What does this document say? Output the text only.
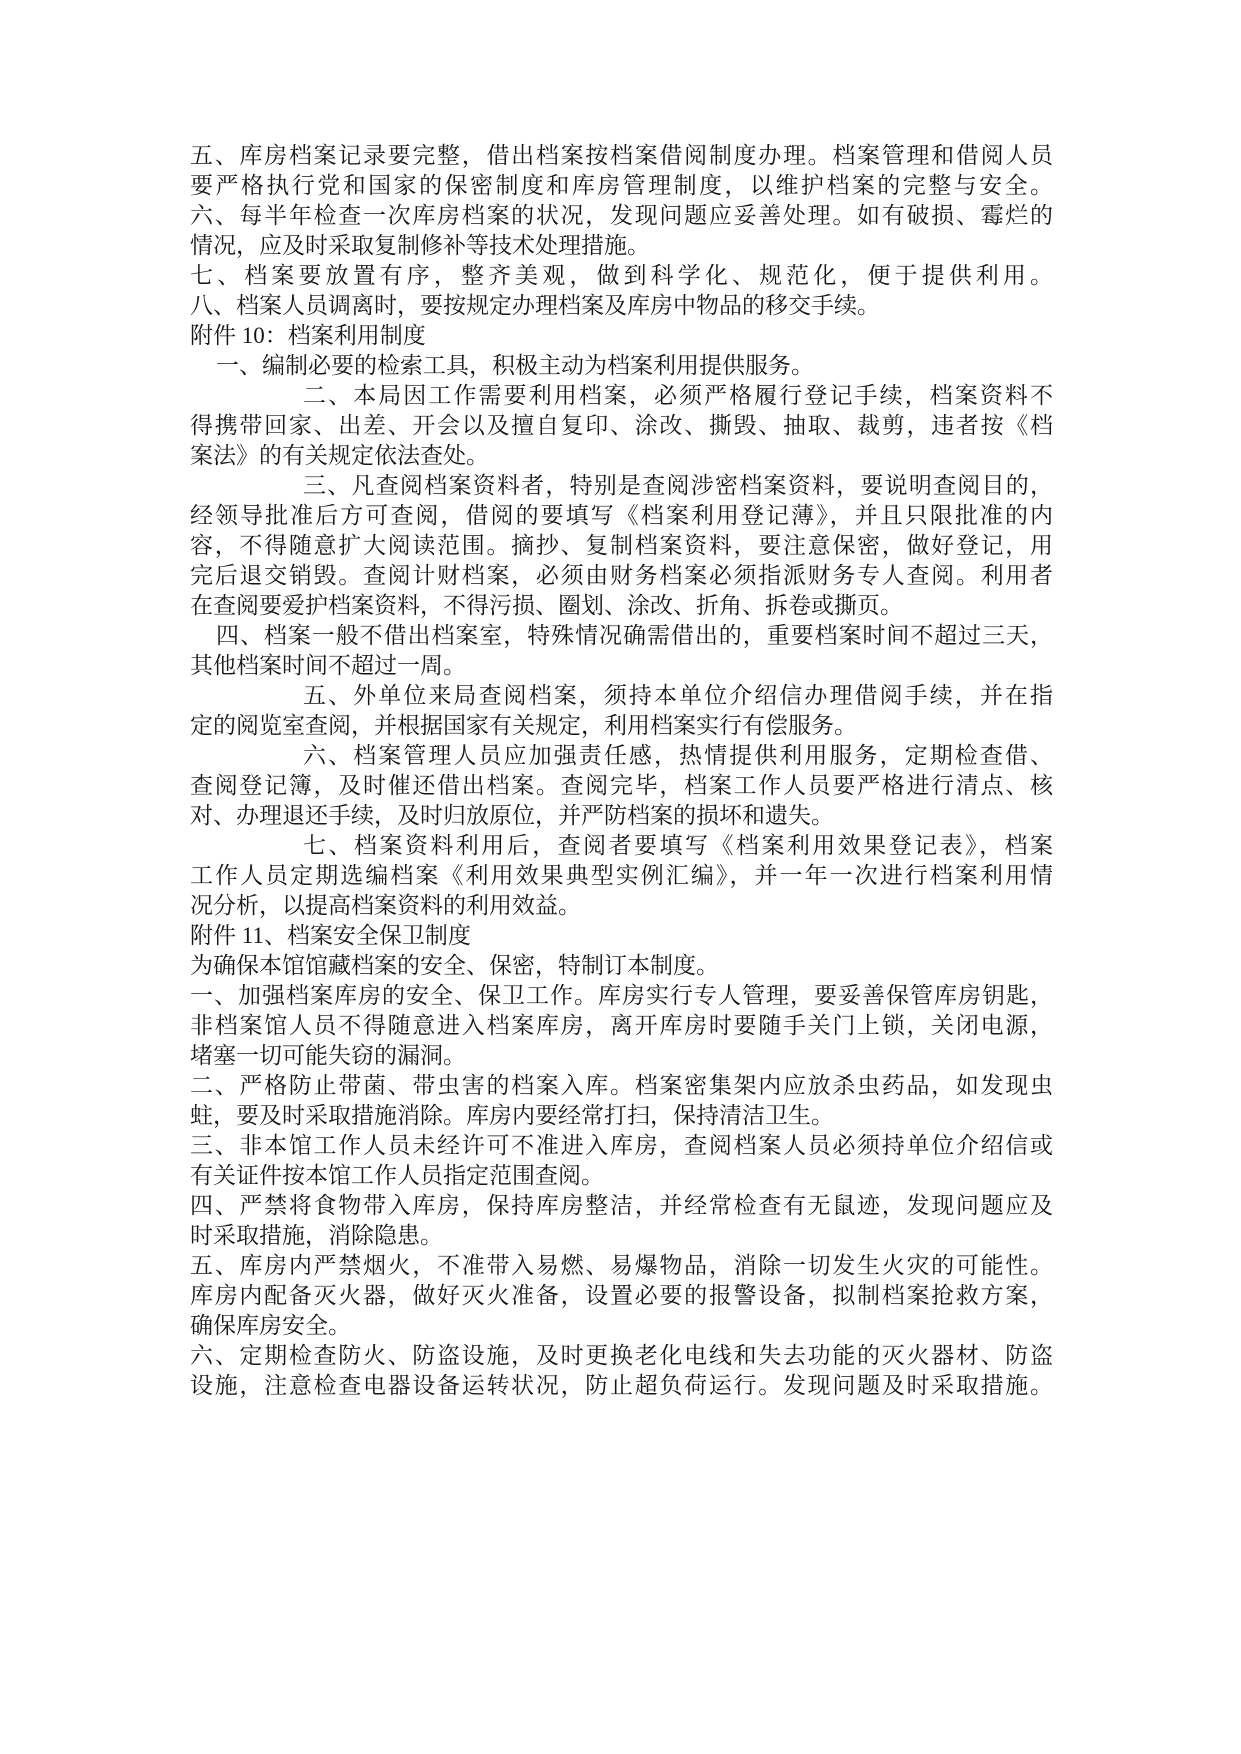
五、库房档案记录要完整，借出档案按档案借阅制度办理。档案管理和借阅人员
要严格执行党和国家的保密制度和库房管理制度，以维护档案的完整与安全。
六、每半年检查一次库房档案的状况，发现问题应妥善处理。如有破损、霉烂的
情况，应及时采取复制修补等技术处理措施。
七、档案要放置有序，整齐美观，做到科学化、规范化，便于提供利用。
八、档案人员调离时，要按规定办理档案及库房中物品的移交手续。
附件 10：档案利用制度
一、编制必要的检索工具，积极主动为档案利用提供服务。
二、本局因工作需要利用档案，必须严格履行登记手续，档案资料不
得携带回家、出差、开会以及擅自复印、涂改、撕毁、抽取、裁剪，违者按《档
案法》的有关规定依法查处。
三、凡查阅档案资料者，特别是查阅涉密档案资料，要说明查阅目的，
经领导批准后方可查阅，借阅的要填写《档案利用登记薄》，并且只限批准的内
容，不得随意扩大阅读范围。摘抄、复制档案资料，要注意保密，做好登记，用
完后退交销毁。查阅计财档案，必须由财务档案必须指派财务专人查阅。利用者
在查阅要爱护档案资料，不得污损、圈划、涂改、折角、拆卷或撕页。
四、档案一般不借出档案室，特殊情况确需借出的，重要档案时间不超过三天，
其他档案时间不超过一周。
五、外单位来局查阅档案，须持本单位介绍信办理借阅手续，并在指
定的阅览室查阅，并根据国家有关规定，利用档案实行有偿服务。
六、档案管理人员应加强责任感，热情提供利用服务，定期检查借、
查阅登记簿，及时催还借出档案。查阅完毕，档案工作人员要严格进行清点、核
对、办理退还手续，及时归放原位，并严防档案的损坏和遗失。
七、档案资料利用后，查阅者要填写《档案利用效果登记表》，档案
工作人员定期选编档案《利用效果典型实例汇编》，并一年一次进行档案利用情
况分析，以提高档案资料的利用效益。
附件 11、档案安全保卫制度
为确保本馆馆藏档案的安全、保密，特制订本制度。
一、加强档案库房的安全、保卫工作。库房实行专人管理，要妥善保管库房钥匙，
非档案馆人员不得随意进入档案库房，离开库房时要随手关门上锁，关闭电源，
堵塞一切可能失窃的漏洞。
二、严格防止带菌、带虫害的档案入库。档案密集架内应放杀虫药品，如发现虫
蛀，要及时采取措施消除。库房内要经常打扫，保持清洁卫生。
三、非本馆工作人员未经许可不准进入库房，查阅档案人员必须持单位介绍信或
有关证件按本馆工作人员指定范围查阅。
四、严禁将食物带入库房，保持库房整洁，并经常检查有无鼠迹，发现问题应及
时采取措施，消除隐患。
五、库房内严禁烟火，不准带入易燃、易爆物品，消除一切发生火灾的可能性。
库房内配备灭火器，做好灭火准备，设置必要的报警设备，拟制档案抢救方案，
确保库房安全。
六、定期检查防火、防盗设施，及时更换老化电线和失去功能的灭火器材、防盗
设施，注意检查电器设备运转状况，防止超负荷运行。发现问题及时采取措施。
